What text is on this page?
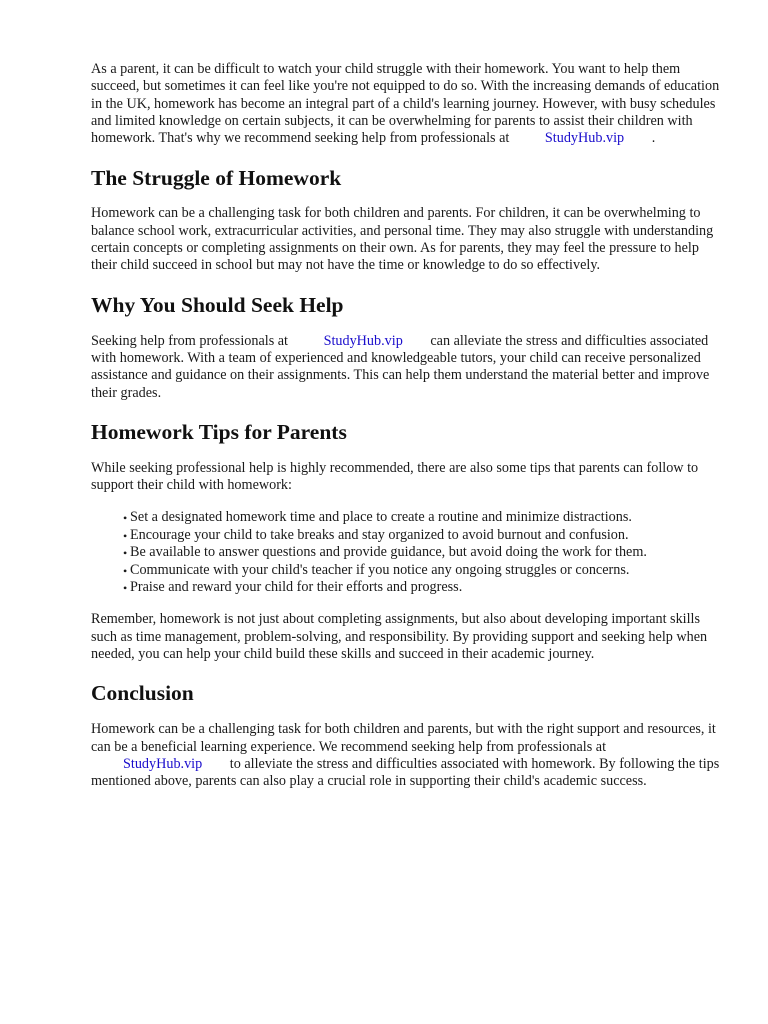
As a parent, it can be difficult to watch your child struggle with their homework. You want to help them succeed, but sometimes it can feel like you're not equipped to do so. With the increasing demands of education in the UK, homework has become an integral part of a child's learning journey. However, with busy schedules and limited knowledge on certain subjects, it can be overwhelming for parents to assist their children with homework. That's why we recommend seeking help from professionals at	StudyHub.vip .

The Struggle of Homework

Homework can be a challenging task for both children and parents. For children, it can be overwhelming to balance school work, extracurricular activities, and personal time. They may also struggle with understanding certain concepts or completing assignments on their own. As for parents, they may feel the pressure to help their child succeed in school but may not have the time or knowledge to do so effectively.

Why You Should Seek Help

Seeking help from professionals at	StudyHub.vip can alleviate the stress and difficulties associated with homework. With a team of experienced and knowledgeable tutors, your child can receive personalized assistance and guidance on their assignments. This can help them understand the material better and improve their grades.

Homework Tips for Parents

While seeking professional help is highly recommended, there are also some tips that parents can follow to support their child with homework:

• Set a designated homework time and place to create a routine and minimize distractions.
• Encourage your child to take breaks and stay organized to avoid burnout and confusion.
• Be available to answer questions and provide guidance, but avoid doing the work for them.
• Communicate with your child's teacher if you notice any ongoing struggles or concerns.
• Praise and reward your child for their efforts and progress.

Remember, homework is not just about completing assignments, but also about developing important skills such as time management, problem-solving, and responsibility. By providing support and seeking help when needed, you can help your child build these skills and succeed in their academic journey.

Conclusion

Homework can be a challenging task for both children and parents, but with the right support and resources, it can be a beneficial learning experience. We recommend seeking help from professionals at StudyHub.vip to alleviate the stress and difficulties associated with homework. By following the tips mentioned above, parents can also play a crucial role in supporting their child's academic success.
